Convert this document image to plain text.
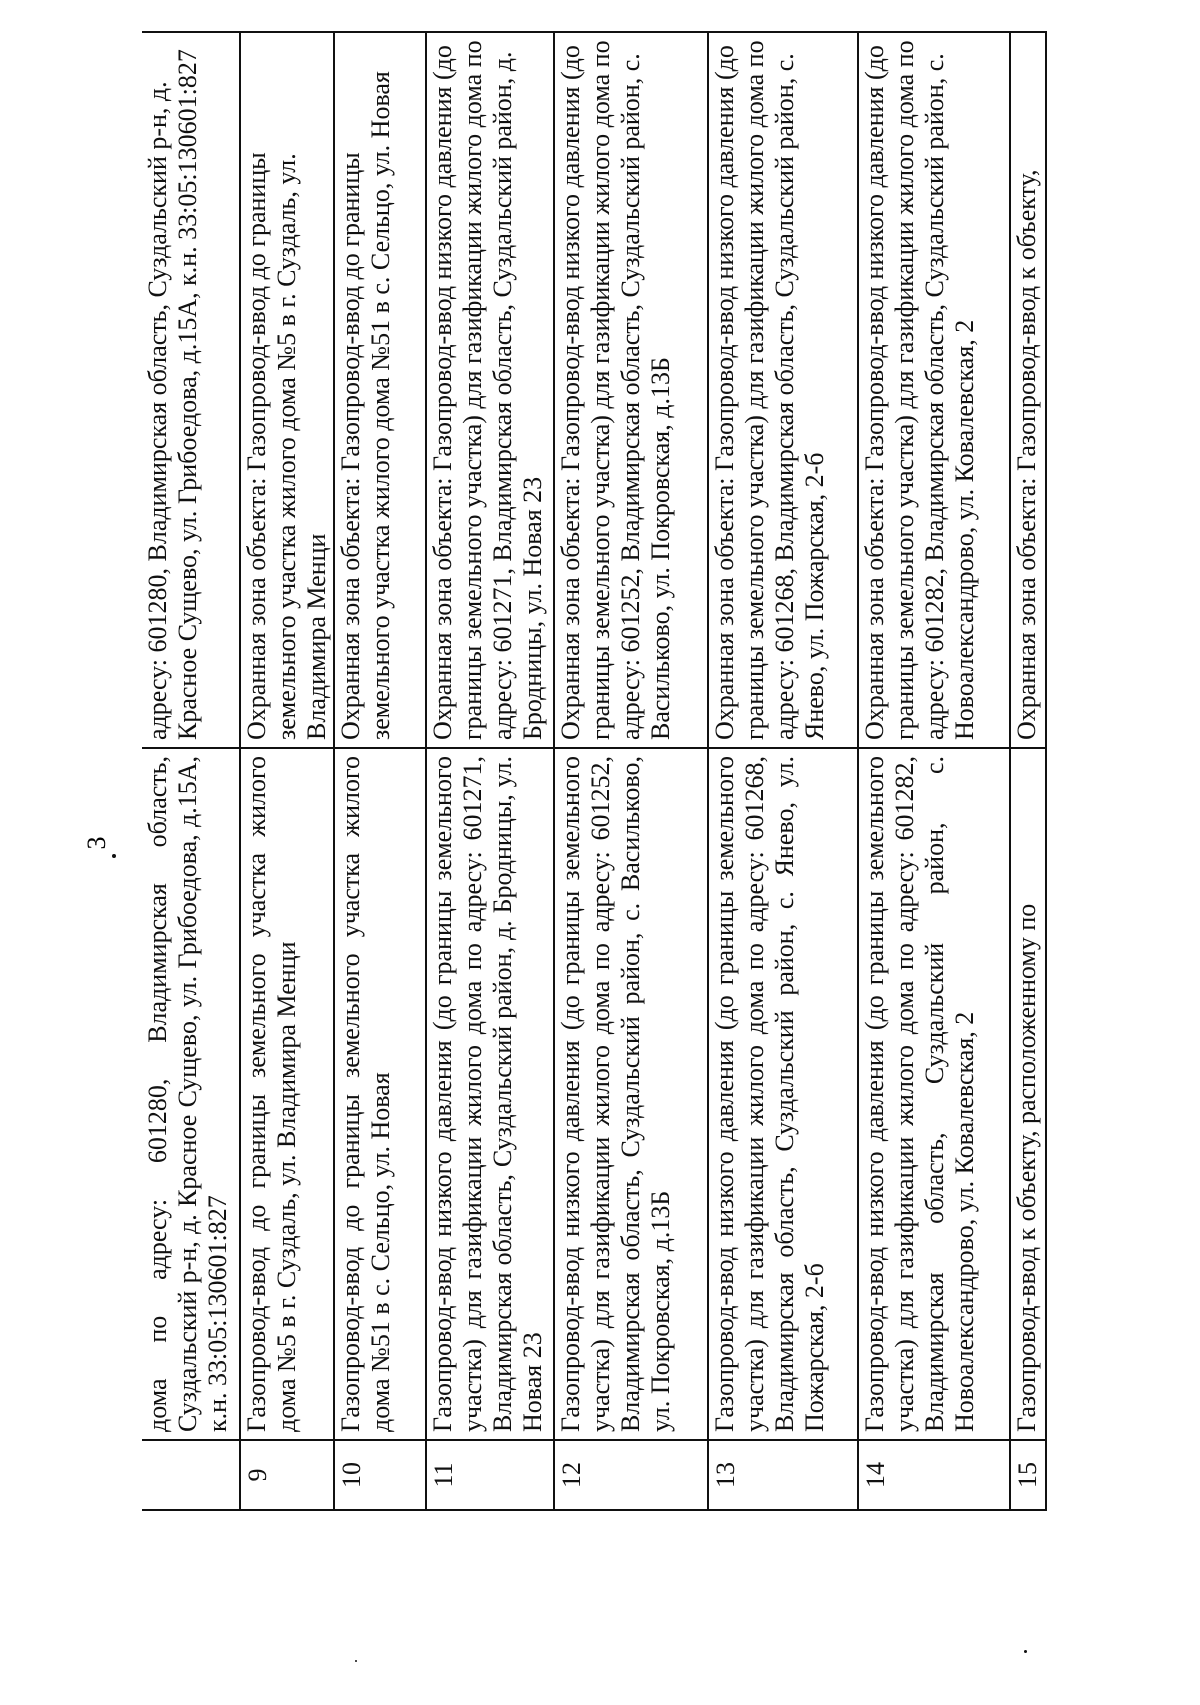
3
	дома по адресу: 601280, Владимирская область, Суздальский р-н, д. Красное Сущево, ул. Грибоедова, д.15А, к.н. 33:05:130601:827	адресу: 601280, Владимирская область, Суздальский р-н, д. Красное Сущево, ул. Грибоедова, д.15А, к.н. 33:05:130601:827
9	Газопровод-ввод до границы земельного участка жилого дома №5 в г. Суздаль, ул. Владимира Менци	Охранная зона объекта: Газопровод-ввод до границы земельного участка жилого дома №5 в г. Суздаль, ул. Владимира Менци
10	Газопровод-ввод до границы земельного участка жилого дома №51 в с. Сельцо, ул. Новая	Охранная зона объекта: Газопровод-ввод до границы земельного участка жилого дома №51 в с. Сельцо, ул. Новая
11	Газопровод-ввод низкого давления (до границы земельного участка) для газификации жилого дома по адресу: 601271, Владимирская область, Суздальский район, д. Бродницы, ул. Новая 23	Охранная зона объекта: Газопровод-ввод низкого давления (до границы земельного участка) для газификации жилого дома по адресу: 601271, Владимирская область, Суздальский район, д. Бродницы, ул. Новая 23
12	Газопровод-ввод низкого давления (до границы земельного участка) для газификации жилого дома по адресу: 601252, Владимирская область, Суздальский район, с. Васильково, ул. Покровская, д.13Б	Охранная зона объекта: Газопровод-ввод низкого давления (до границы земельного участка) для газификации жилого дома по адресу: 601252, Владимирская область, Суздальский район, с. Васильково, ул. Покровская, д.13Б
13	Газопровод-ввод низкого давления (до границы земельного участка) для газификации жилого дома по адресу: 601268, Владимирская область, Суздальский район, с. Янево, ул. Пожарская, 2-б	Охранная зона объекта: Газопровод-ввод низкого давления (до границы земельного участка) для газификации жилого дома по адресу: 601268, Владимирская область, Суздальский район, с. Янево, ул. Пожарская, 2-б
14	Газопровод-ввод низкого давления (до границы земельного участка) для газификации жилого дома по адресу: 601282, Владимирская область, Суздальский район, с. Новоалександрово, ул. Ковалевская, 2	Охранная зона объекта: Газопровод-ввод низкого давления (до границы земельного участка) для газификации жилого дома по адресу: 601282, Владимирская область, Суздальский район, с. Новоалександрово, ул. Ковалевская, 2
15	Газопровод-ввод к объекту, расположенному по	Охранная зона объекта: Газопровод-ввод к объекту,
